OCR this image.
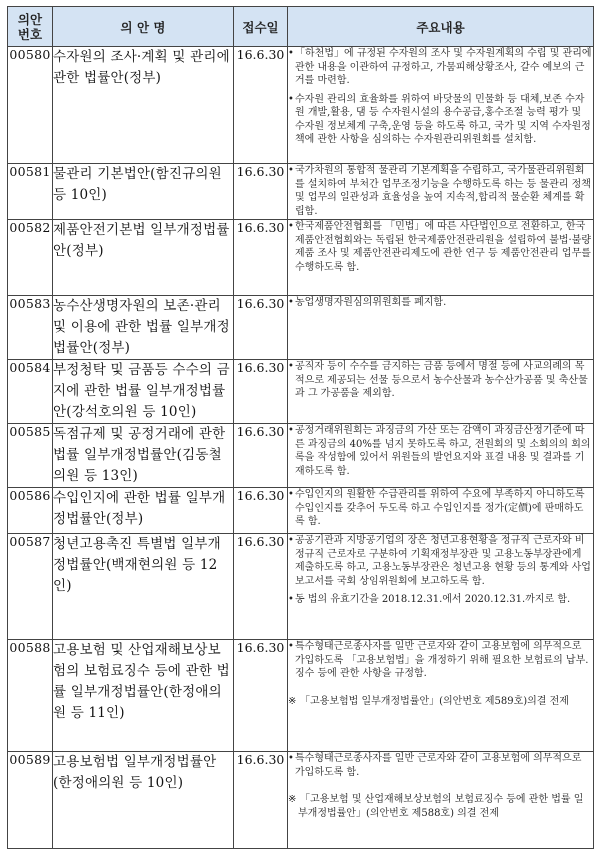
의안
번호	의 안 명	접수일	주요내용
00580	수자원의 조사·계획 및 관리에 관한 법률안(정부)	16.6.30	• 「하천법」에 규정된 수자원의 조사 및 수자원계획의 수립 및 관리에 관한 내용을 이관하여 규정하고, 가뭄피해상황조사, 갈수 예보의 근거를 마련함.
• 수자원 관리의 효율화를 위하여 바닷물의 민물화 등 대체,보존 수자원 개발,활용, 댐 등 수자원시설의 용수공급,홍수조절 능력 평가 및 수자원 정보체계 구축,운영 등을 하도록 하고, 국가 및 지역 수자원정책에 관한 사항을 심의하는 수자원관리위원회를 설치함.

00581	물관리 기본법안(함진규의원 등 10인)	16.6.30	• 국가차원의 통합적 물관리 기본계획을 수립하고, 국가물관리위원회를 설치하여 부처간 업무조정기능을 수행하도록 하는 등 물관리 정책 및 업무의 일관성과 효율성을 높여 지속적,합리적 물순환 체계를 확립함.

00582	제품안전기본법 일부개정법률안(정부)	16.6.30	• 한국제품안전협회를 「민법」에 따른 사단법인으로 전환하고, 한국제품안전협회와는 독립된 한국제품안전관리원을 설립하여 불법·불량제품 조사 및 제품안전관리제도에 관한 연구 등 제품안전관리 업무를 수행하도록 함.

00583	농수산생명자원의 보존·관리 및 이용에 관한 법률 일부개정법률안(정부)	16.6.30	• 농업생명자원심의위원회를 폐지함.

00584	부정청탁 및 금품등 수수의 금지에 관한 법률 일부개정법률안(강석호의원 등 10인)	16.6.30	• 공직자 등이 수수를 금지하는 금품 등에서 명절 등에 사교의례의 목적으로 제공되는 선물 등으로서 농수산물과 농수산가공품 및 축산물과 그 가공품을 제외함.

00585	독점규제 및 공정거래에 관한 법률 일부개정법률안(김동철의원 등 13인)	16.6.30	• 공정거래위원회는 과징금의 가산 또는 감액이 과징금산정기준에 따른 과징금의 40%를 넘지 못하도록 하고, 전원회의 및 소회의의 회의록을 작성함에 있어서 위원들의 발언요지와 표결 내용 및 결과를 기재하도록 함.

00586	수입인지에 관한 법률 일부개정법률안(정부)	16.6.30	• 수입인지의 원활한 수급관리를 위하여 수요에 부족하지 아니하도록 수입인지를 갖추어 두도록 하고 수입인지를 정가(定價)에 판매하도록 함.

00587	청년고용촉진 특별법 일부개정법률안(백재현의원 등 12인)	16.6.30	• 공공기관과 지방공기업의 장은 청년고용현황을 정규직 근로자와 비정규직 근로자로 구분하여 기획재정부장관 및 고용노동부장관에게 제출하도록 하고, 고용노동부장관은 청년고용 현황 등의 통계와 사업보고서를 국회 상임위원회에 보고하도록 함.
• 동 법의 유효기간을 2018.12.31.에서 2020.12.31.까지로 함.

00588	고용보험 및 산업재해보상보험의 보험료징수 등에 관한 법률 일부개정법률안(한정애의원 등 11인)	16.6.30	• 특수형태근로종사자를 일반 근로자와 같이 고용보험에 의무적으로 가입하도록 「고용보험법」을 개정하기 위해 필요한 보험료의 납부.징수 등에 관한 사항을 규정함.
※ 「고용보험법 일부개정법률안」(의안번호 제589호)의결 전제

00589	고용보험법 일부개정법률안(한정애의원 등 10인)	16.6.30	• 특수형태근로종사자를 일반 근로자와 같이 고용보험에 의무적으로 가입하도록 함.
※ 「고용보험 및 산업재해보상보험의 보험료징수 등에 관한 법률 일부개정법률안」(의안번호 제588호) 의결 전제
